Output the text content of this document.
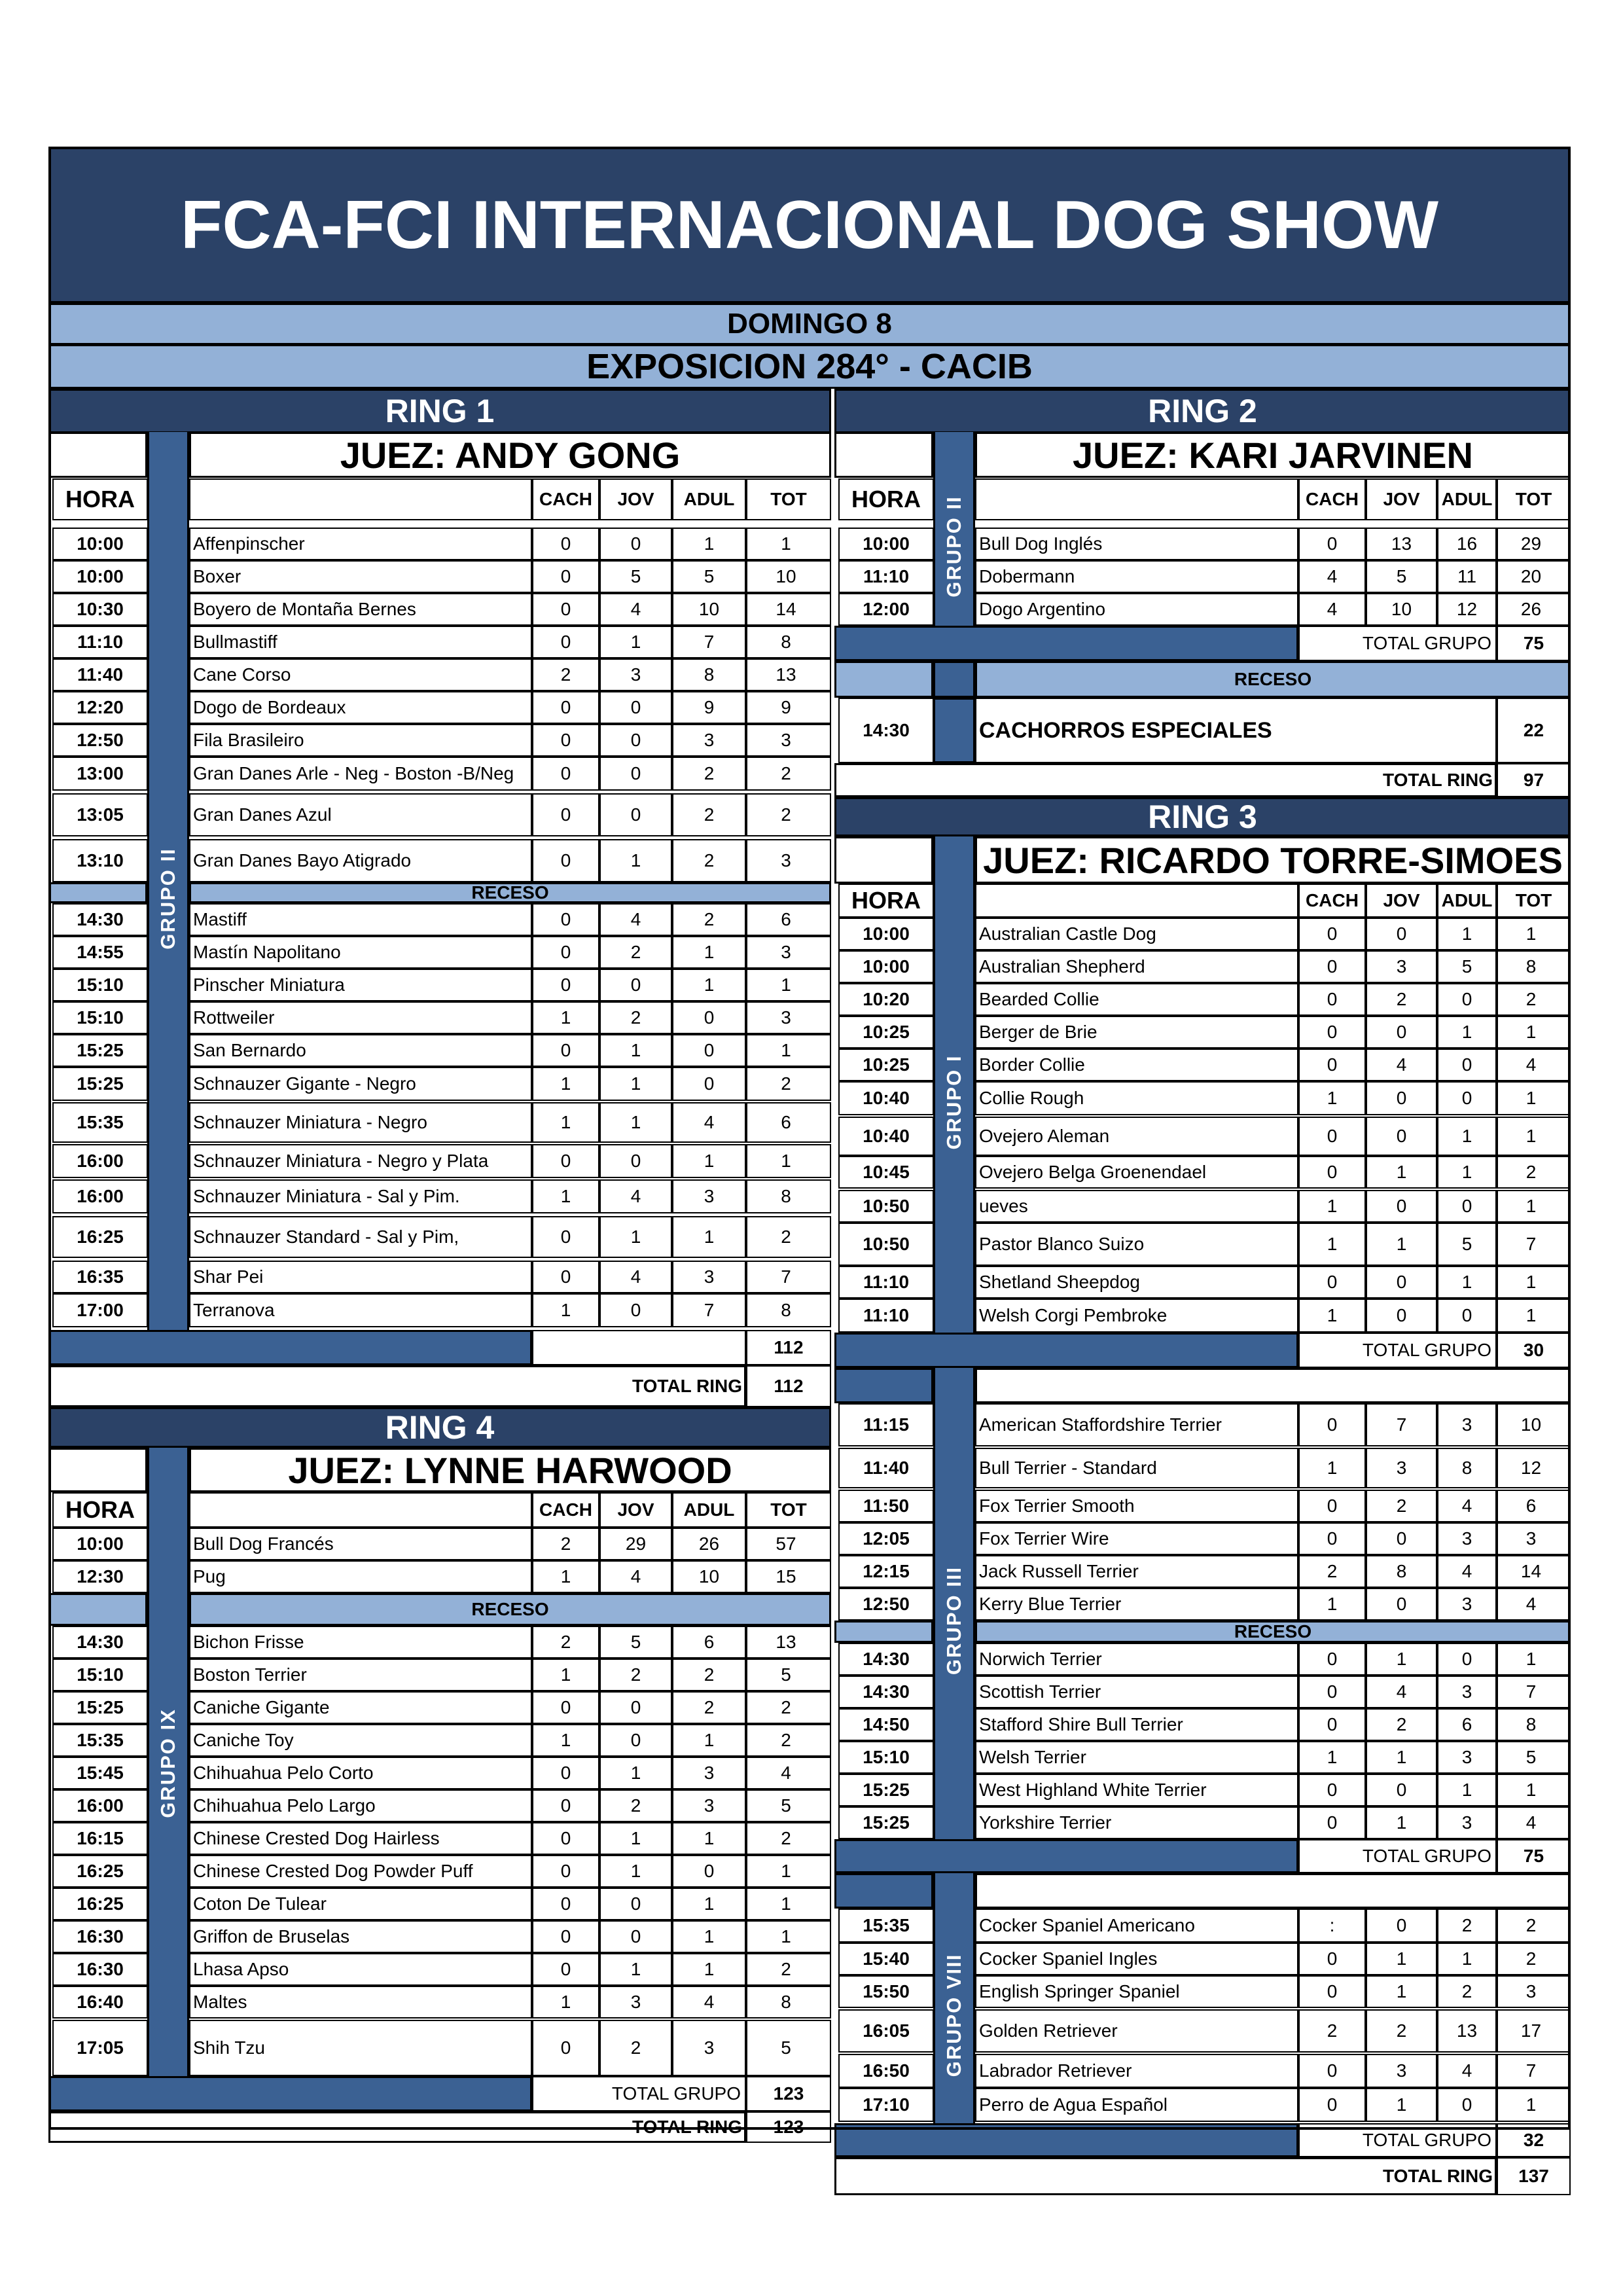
FCA-FCI INTERNACIONAL DOG SHOW
DOMINGO 8
EXPOSICION 284° - CACIB
RING 1
JUEZ: ANDY GONG
HORA	CACH	JOV	ADUL	TOT
10:00	Affenpinscher	0	0	1	1
10:00	Boxer	0	5	5	10
10:30	Boyero de Montaña Bernes	0	4	10	14
11:10	Bullmastiff	0	1	7	8
11:40	Cane Corso	2	3	8	13
12:20	Dogo de Bordeaux	0	0	9	9
12:50	Fila Brasileiro	0	0	3	3
13:00	Gran Danes Arle - Neg - Boston -B/Neg	0	0	2	2
13:05	Gran Danes Azul	0	0	2	2
13:10	Gran Danes Bayo Atigrado	0	1	2	3
RECESO
14:30	Mastiff	0	4	2	6
14:55	Mastín Napolitano	0	2	1	3
15:10	Pinscher Miniatura	0	0	1	1
15:10	Rottweiler	1	2	0	3
15:25	San Bernardo	0	1	0	1
15:25	Schnauzer Gigante - Negro	1	1	0	2
15:35	Schnauzer Miniatura - Negro	1	1	4	6
16:00	Schnauzer Miniatura - Negro y Plata	0	0	1	1
16:00	Schnauzer Miniatura - Sal y Pim.	1	4	3	8
16:25	Schnauzer Standard - Sal y Pim,	0	1	1	2
16:35	Shar Pei	0	4	3	7
17:00	Terranova	1	0	7	8
GRUPO II
112
TOTAL RING	112
RING 2
JUEZ: KARI JARVINEN
HORA	CACH	JOV	ADUL	TOT
10:00	Bull Dog Inglés	0	13	16	29
11:10	Dobermann	4	5	11	20
12:00	Dogo Argentino	4	10	12	26
GRUPO II
TOTAL GRUPO	75
RECESO
14:30	CACHORROS ESPECIALES	22
TOTAL RING	97
RING 3
JUEZ: RICARDO TORRE-SIMOES
HORA	CACH	JOV	ADUL	TOT
10:00	Australian Castle Dog	0	0	1	1
10:00	Australian Shepherd	0	3	5	8
10:20	Bearded Collie	0	2	0	2
10:25	Berger de Brie	0	0	1	1
10:25	Border Collie	0	4	0	4
10:40	Collie Rough	1	0	0	1
10:40	Ovejero Aleman	0	0	1	1
10:45	Ovejero Belga Groenendael	0	1	1	2
10:50	ueves	1	0	0	1
10:50	Pastor Blanco Suizo	1	1	5	7
11:10	Shetland Sheepdog	0	0	1	1
11:10	Welsh Corgi Pembroke	1	0	0	1
GRUPO I
TOTAL GRUPO	30
11:15	American Staffordshire Terrier	0	7	3	10
11:40	Bull Terrier - Standard	1	3	8	12
11:50	Fox Terrier Smooth	0	2	4	6
12:05	Fox Terrier Wire	0	0	3	3
12:15	Jack Russell Terrier	2	8	4	14
12:50	Kerry Blue Terrier	1	0	3	4
RECESO
14:30	Norwich Terrier	0	1	0	1
14:30	Scottish Terrier	0	4	3	7
14:50	Stafford Shire Bull Terrier	0	2	6	8
15:10	Welsh Terrier	1	1	3	5
15:25	West Highland White Terrier	0	0	1	1
15:25	Yorkshire Terrier	0	1	3	4
GRUPO III
TOTAL GRUPO	75
15:35	Cocker Spaniel Americano	:	0	2	2
15:40	Cocker Spaniel Ingles	0	1	1	2
15:50	English Springer Spaniel	0	1	2	3
16:05	Golden Retriever	2	2	13	17
16:50	Labrador Retriever	0	3	4	7
17:10	Perro de Agua Español	0	1	0	1
GRUPO VIII
TOTAL GRUPO	32
TOTAL RING	137
RING 4
JUEZ: LYNNE HARWOOD
HORA	CACH	JOV	ADUL	TOT
10:00	Bull Dog Francés	2	29	26	57
12:30	Pug	1	4	10	15
RECESO
14:30	Bichon Frisse	2	5	6	13
15:10	Boston Terrier	1	2	2	5
15:25	Caniche Gigante	0	0	2	2
15:35	Caniche Toy	1	0	1	2
15:45	Chihuahua Pelo Corto	0	1	3	4
16:00	Chihuahua Pelo Largo	0	2	3	5
16:15	Chinese Crested Dog Hairless	0	1	1	2
16:25	Chinese Crested Dog Powder Puff	0	1	0	1
16:25	Coton De Tulear	0	0	1	1
16:30	Griffon de Bruselas	0	0	1	1
16:30	Lhasa Apso	0	1	1	2
16:40	Maltes	1	3	4	8
17:05	Shih Tzu	0	2	3	5
GRUPO IX
TOTAL GRUPO	123
TOTAL RING	123
